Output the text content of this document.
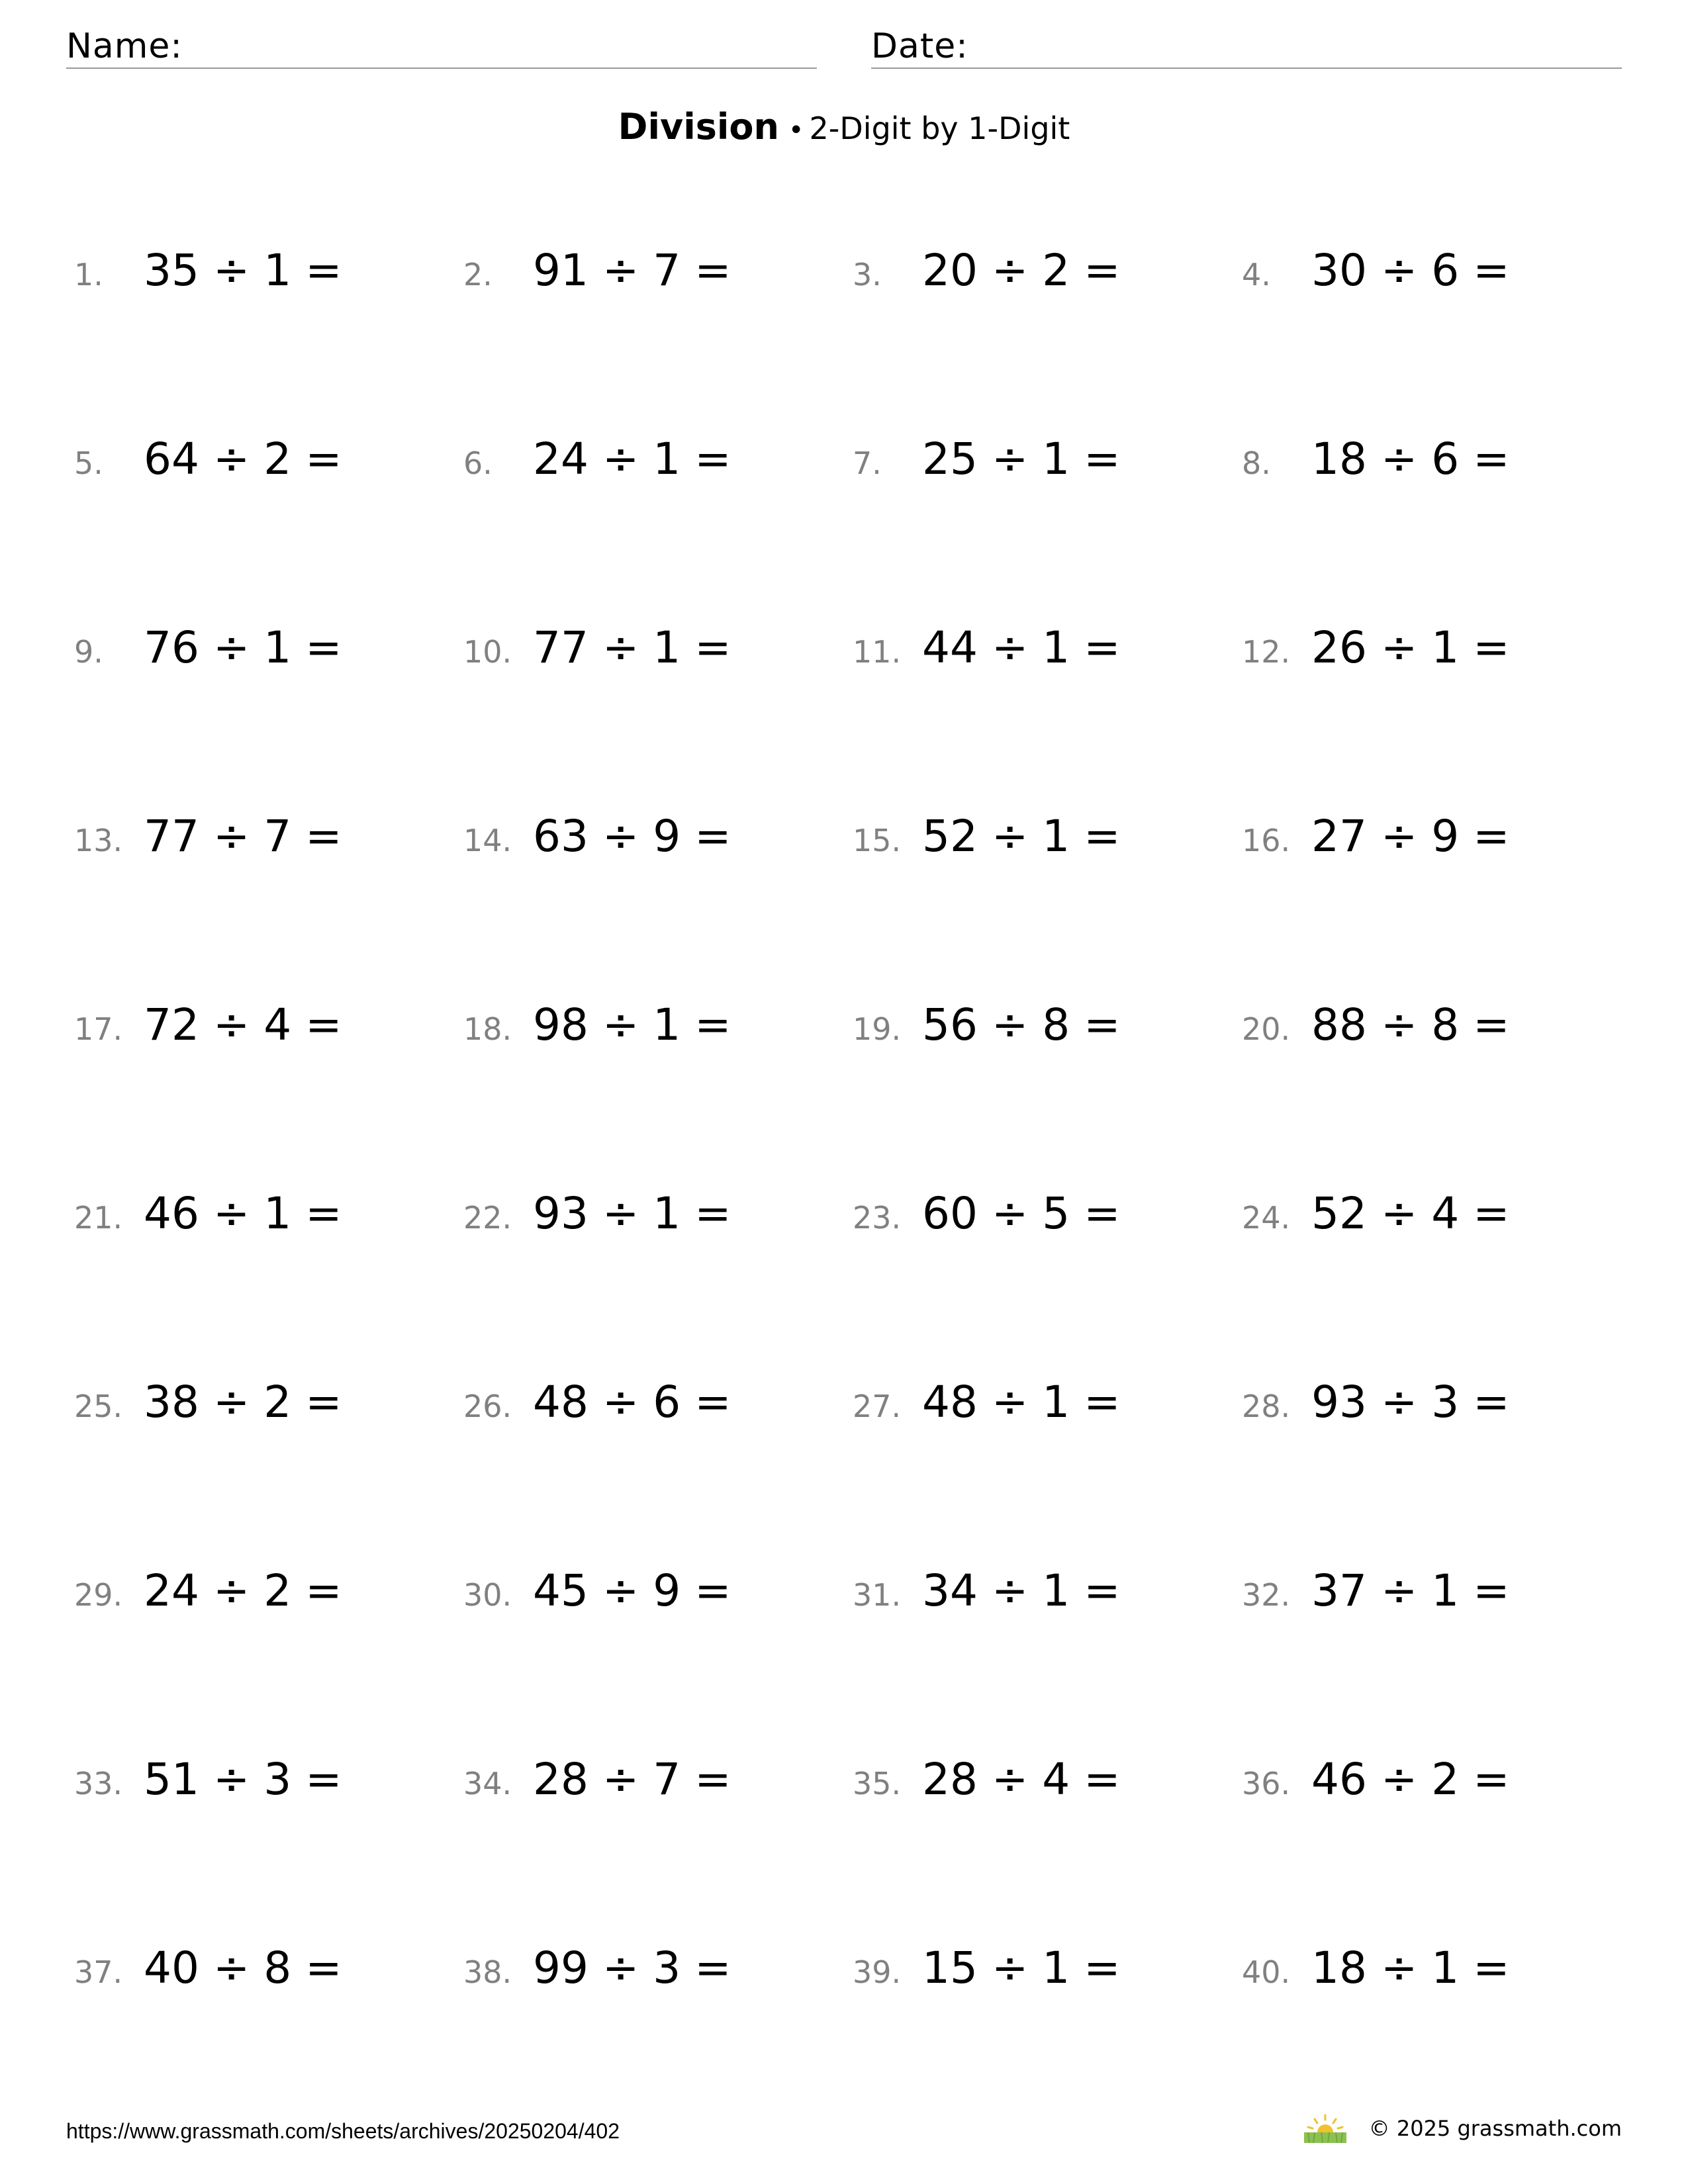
Name:	Date:
Division • 2-Digit by 1-Digit
1. 35 ÷ 1 =	2. 91 ÷ 7 =	3. 20 ÷ 2 =	4. 30 ÷ 6 =
5. 64 ÷ 2 =	6. 24 ÷ 1 =	7. 25 ÷ 1 =	8. 18 ÷ 6 =
9. 76 ÷ 1 =	10. 77 ÷ 1 =	11. 44 ÷ 1 =	12. 26 ÷ 1 =
13. 77 ÷ 7 =	14. 63 ÷ 9 =	15. 52 ÷ 1 =	16. 27 ÷ 9 =
17. 72 ÷ 4 =	18. 98 ÷ 1 =	19. 56 ÷ 8 =	20. 88 ÷ 8 =
21. 46 ÷ 1 =	22. 93 ÷ 1 =	23. 60 ÷ 5 =	24. 52 ÷ 4 =
25. 38 ÷ 2 =	26. 48 ÷ 6 =	27. 48 ÷ 1 =	28. 93 ÷ 3 =
29. 24 ÷ 2 =	30. 45 ÷ 9 =	31. 34 ÷ 1 =	32. 37 ÷ 1 =
33. 51 ÷ 3 =	34. 28 ÷ 7 =	35. 28 ÷ 4 =	36. 46 ÷ 2 =
37. 40 ÷ 8 =	38. 99 ÷ 3 =	39. 15 ÷ 1 =	40. 18 ÷ 1 =
https://www.grassmath.com/sheets/archives/20250204/402	© 2025 grassmath.com
